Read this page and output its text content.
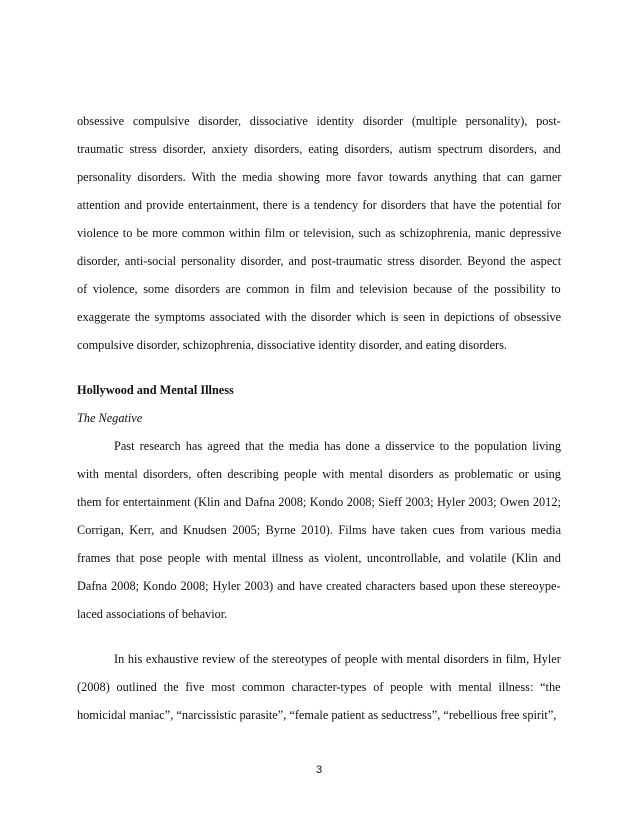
obsessive compulsive disorder, dissociative identity disorder (multiple personality), post-
traumatic stress disorder, anxiety disorders, eating disorders, autism spectrum disorders, and
personality disorders. With the media showing more favor towards anything that can garner
attention and provide entertainment, there is a tendency for disorders that have the potential for
violence to be more common within film or television, such as schizophrenia, manic depressive
disorder, anti-social personality disorder, and post-traumatic stress disorder. Beyond the aspect
of violence, some disorders are common in film and television because of the possibility to
exaggerate the symptoms associated with the disorder which is seen in depictions of obsessive
compulsive disorder, schizophrenia, dissociative identity disorder, and eating disorders.
Hollywood and Mental Illness
The Negative
Past research has agreed that the media has done a disservice to the population living
with mental disorders, often describing people with mental disorders as problematic or using
them for entertainment (Klin and Dafna 2008; Kondo 2008; Sieff 2003; Hyler 2003; Owen 2012;
Corrigan, Kerr, and Knudsen 2005; Byrne 2010). Films have taken cues from various media
frames that pose people with mental illness as violent, uncontrollable, and volatile (Klin and
Dafna 2008; Kondo 2008; Hyler 2003) and have created characters based upon these stereoype-
laced associations of behavior.
In his exhaustive review of the stereotypes of people with mental disorders in film, Hyler
(2008) outlined the five most common character-types of people with mental illness: “the
homicidal maniac”, “narcissistic parasite”, “female patient as seductress”, “rebellious free spirit”,
3
